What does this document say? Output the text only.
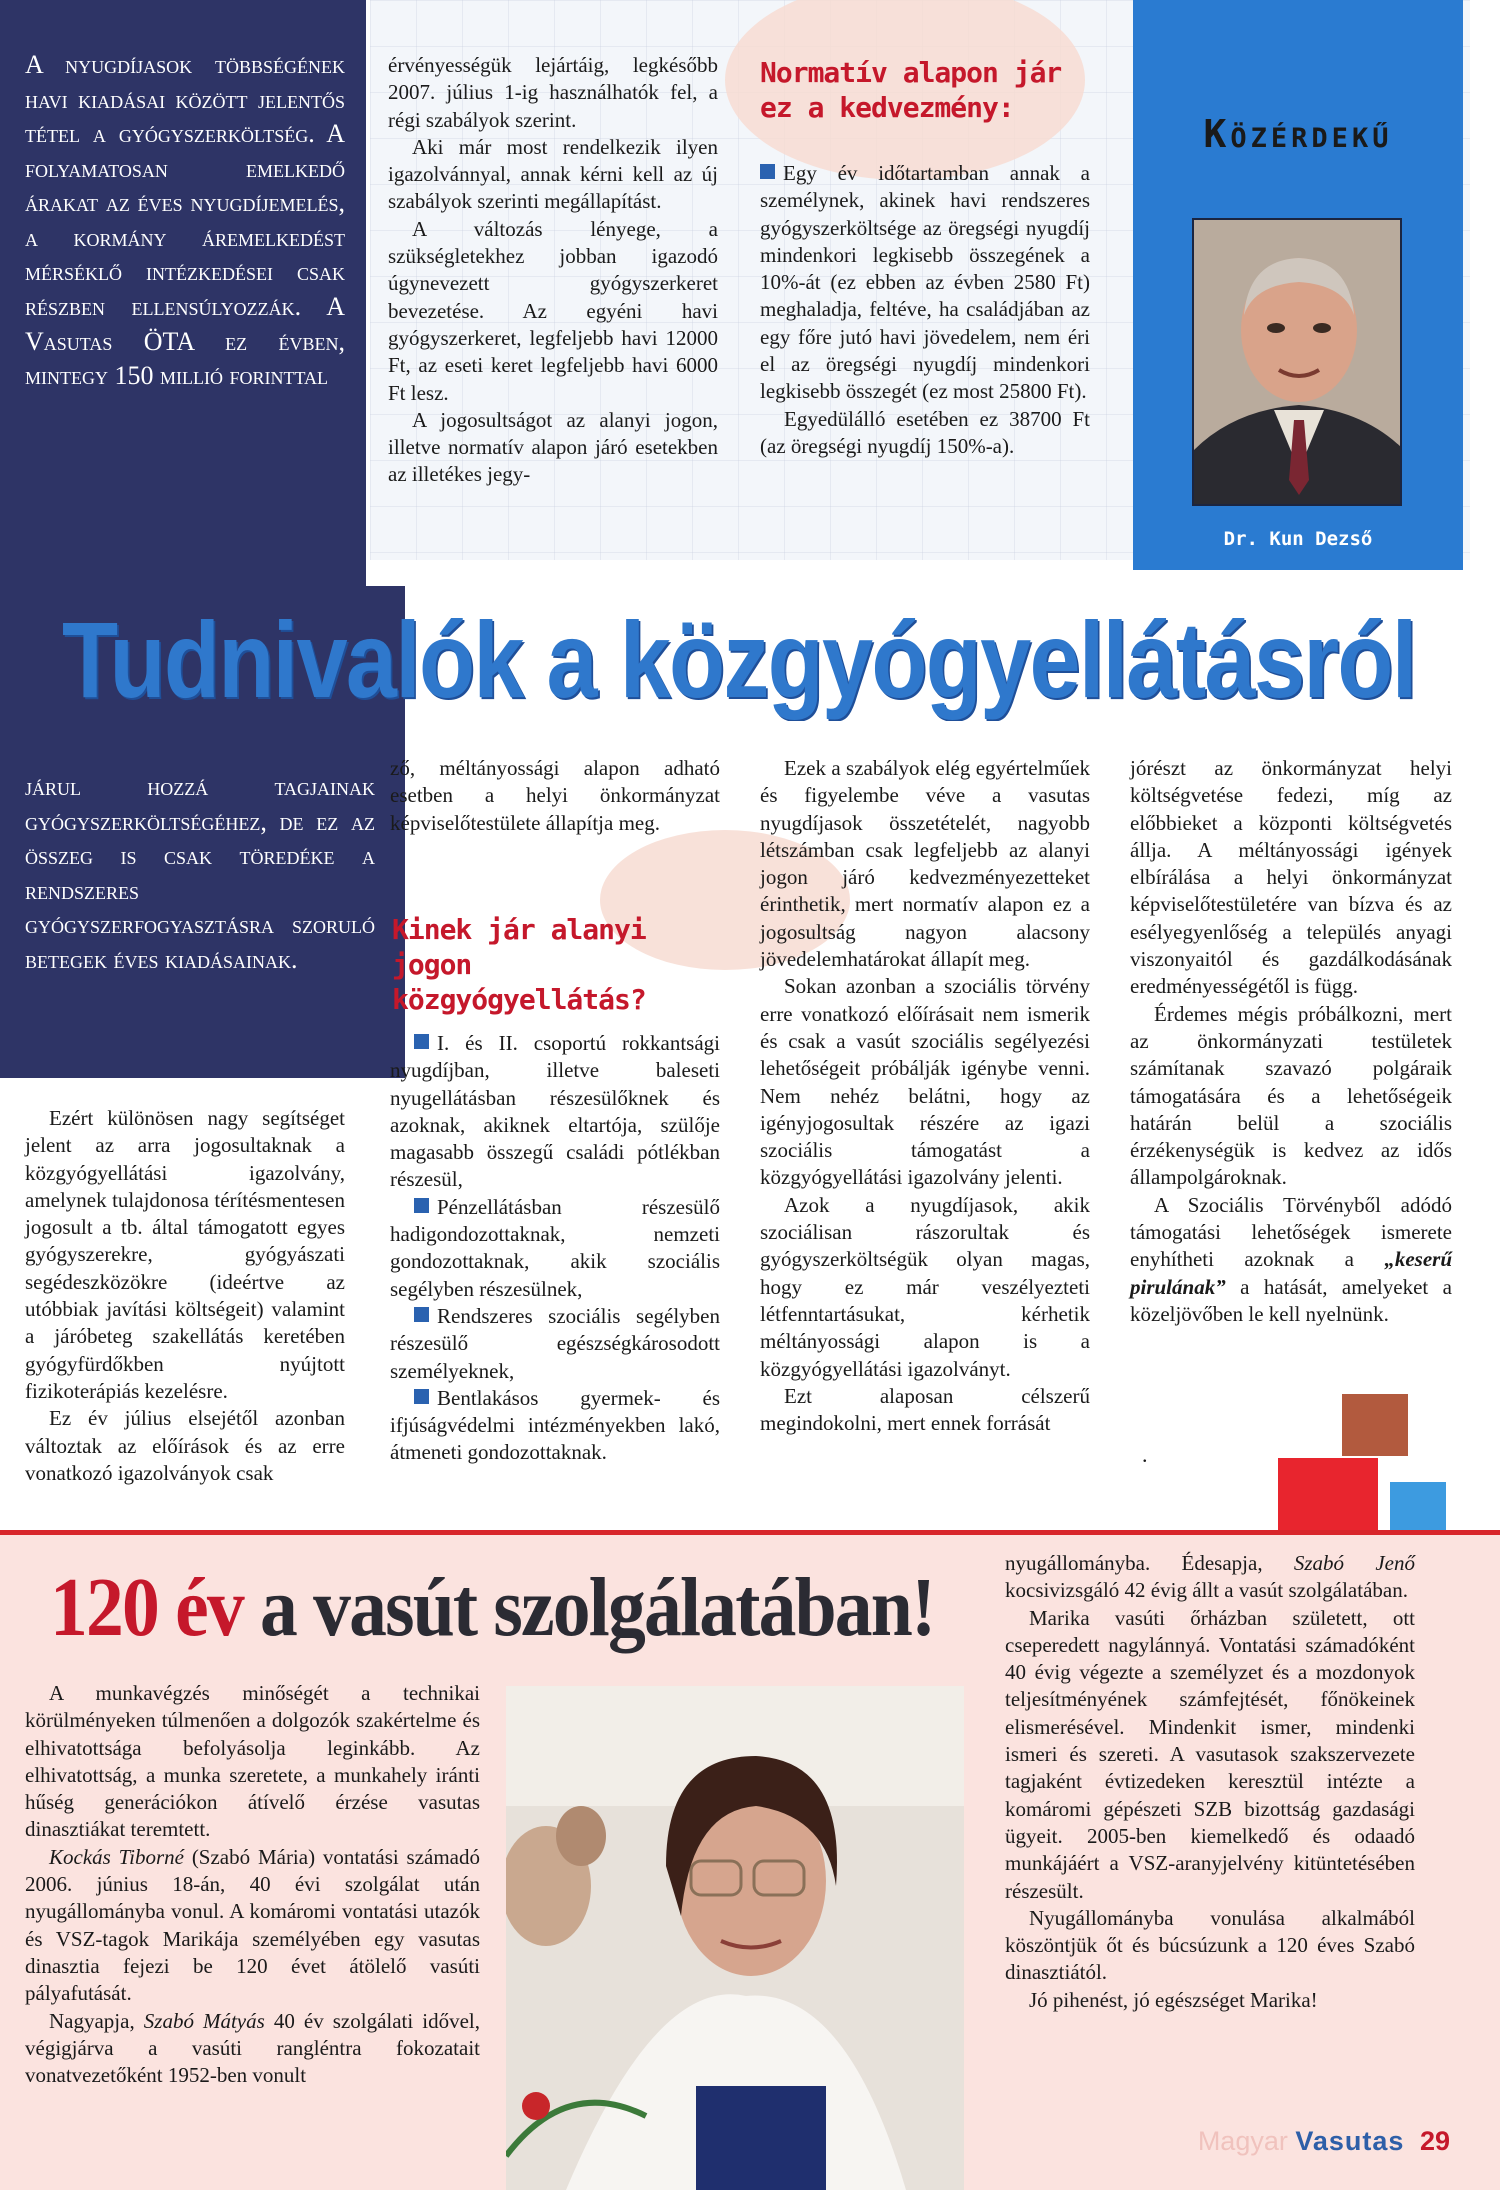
A nyugdíjasok többségének havi kiadásai között jelentős tétel a gyógyszerköltség. A folyamatosan emelkedő árakat az éves nyugdíjemelés, a kormány áremelkedést mérséklő intézkedései csak részben ellensúlyozzák. A Vasutas ÖTA ez évben, mintegy 150 millió forinttal
járul hozzá tagjainak gyógyszerköltségéhez, de ez az összeg is csak töredéke a rendszeres gyógyszerfogyasztásra szoruló betegek éves kiadásainak.

érvényességük lejártáig, legkésőbb 2007. július 1-ig használhatók fel, a régi szabályok szerint.

Aki már most rendelkezik ilyen igazolvánnyal, annak kérni kell az új szabályok szerinti megállapítást.

A változás lényege, a szükségletekhez jobban igazodó úgynevezett gyógyszerkeret bevezetése. Az egyéni havi gyógyszerkeret, legfeljebb havi 12000 Ft, az eseti keret legfeljebb havi 6000 Ft lesz.

A jogosultságot az alanyi jogon, illetve normatív alapon járó esetekben az illetékes jegy-

Normatív alapon jár ez a kedvezmény:

Egy év időtartamban annak a személynek, akinek havi rendszeres gyógyszerköltsége az öregségi nyugdíj mindenkori legkisebb összegének a 10%-át (ez ebben az évben 2580 Ft) meghaladja, feltéve, ha családjában az egy főre jutó havi jövedelem, nem éri el az öregségi nyugdíj mindenkori legkisebb összegét (ez most 25800 Ft).

Egyedülálló esetében ez 38700 Ft (az öregségi nyugdíj 150%-a).

Közérdekű
Dr. Kun Dezső
Tudnivalók a közgyógyellátásról

Ezért különösen nagy segítséget jelent az arra jogosultaknak a közgyógyellátási igazolvány, amelynek tulajdonosa térítésmentesen jogosult a tb. által támogatott egyes gyógyszerekre, gyógyászati segédeszközökre (ideértve az utóbbiak javítási költségeit) valamint a járóbeteg szakellátás keretében gyógyfürdőkben nyújtott fizikoterápiás kezelésre.

Ez év július elsejétől azonban változtak az előírások és az erre vonatkozó igazolványok csak

ző, méltányossági alapon adható esetben a helyi önkormányzat képviselőtestülete állapítja meg.

Kinek jár alanyi jogon közgyógyellátás?

I. és II. csoportú rokkantsági nyugdíjban, illetve baleseti nyugellátásban részesülőknek és azoknak, akiknek eltartója, szülője magasabb összegű családi pótlékban részesül,

Pénzellátásban részesülő hadigondozottaknak, nemzeti gondozottaknak, akik szociális segélyben részesülnek,

Rendszeres szociális segélyben részesülő egészségkárosodott személyeknek,

Bentlakásos gyermek- és ifjúságvédelmi intézményekben lakó, átmeneti gondozottaknak.

Ezek a szabályok elég egyértelműek és figyelembe véve a vasutas nyugdíjasok összetételét, nagyobb létszámban csak legfeljebb az alanyi jogon járó kedvezményezetteket érinthetik, mert normatív alapon ez a jogosultság nagyon alacsony jövedelemhatárokat állapít meg.

Sokan azonban a szociális törvény erre vonatkozó előírásait nem ismerik és csak a vasút szociális segélyezési lehetőségeit próbálják igénybe venni. Nem nehéz belátni, hogy az igényjogosultak részére az igazi szociális támogatást a közgyógyellátási igazolvány jelenti.

Azok a nyugdíjasok, akik szociálisan rászorultak és gyógyszerköltségük olyan magas, hogy ez már veszélyezteti létfenntartásukat, kérhetik méltányossági alapon is a közgyógyellátási igazolványt.

Ezt alaposan célszerű megindokolni, mert ennek forrását

jórészt az önkormányzat helyi költségvetése fedezi, míg az előbbieket a központi költségvetés állja. A méltányossági igények elbírálása a helyi önkormányzat képviselőtestületére van bízva és az esélyegyenlőség a település anyagi viszonyaitól és gazdálkodásának eredményességétől is függ.

Érdemes mégis próbálkozni, mert az önkormányzati testületek számítanak szavazó polgáraik támogatására és a lehetőségeik határán belül a szociális érzékenységük is kedvez az idős állampolgároknak.

A Szociális Törvényből adódó támogatási lehetőségek ismerete enyhítheti azoknak a „keserű pirulának” a hatását, amelyeket a közeljövőben le kell nyelnünk.

.
120 év a vasút szolgálatában!

A munkavégzés minőségét a technikai körülményeken túlmenően a dolgozók szakértelme és elhivatottsága befolyásolja leginkább. Az elhivatottság, a munka szeretete, a munkahely iránti hűség generációkon átívelő érzése vasutas dinasztiákat teremtett.

Kockás Tiborné (Szabó Mária) vontatási számadó 2006. június 18-án, 40 évi szolgálat után nyugállományba vonul. A komáromi vontatási utazók és VSZ-tagok Marikája személyében egy vasutas dinasztia fejezi be 120 évet átölelő vasúti pályafutását.

Nagyapja, Szabó Mátyás 40 év szolgálati idővel, végigjárva a vasúti rangléntra fokozatait vonatvezetőként 1952-ben vonult

nyugállományba. Édesapja, Szabó Jenő kocsivizsgáló 42 évig állt a vasút szolgálatában.

Marika vasúti őrházban született, ott cseperedett nagylánnyá. Vontatási számadóként 40 évig végezte a személyzet és a mozdonyok teljesítményének számfejtését, főnökeinek elismerésével. Mindenkit ismer, mindenki ismeri és szereti. A vasutasok szakszervezete tagjaként évtizedeken keresztül intézte a komáromi gépészeti SZB bizottság gazdasági ügyeit. 2005-ben kiemelkedő és odaadó munkájáért a VSZ-aranyjelvény kitüntetésében részesült.

Nyugállományba vonulása alkalmából köszöntjük őt és búcsúzunk a 120 éves Szabó dinasztiától.

Jó pihenést, jó egészséget Marika!

Magyar Vasutas 29
